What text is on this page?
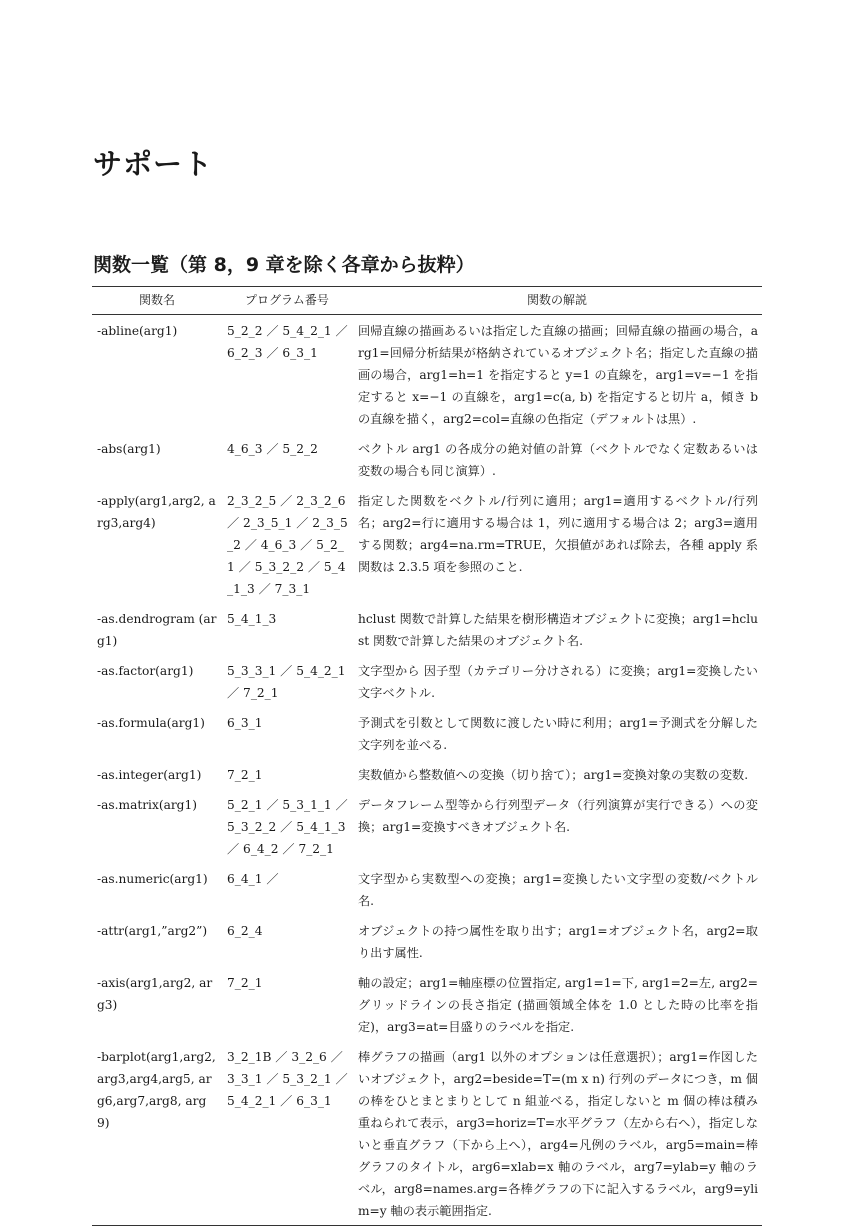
サポート
関数一覧（第 8，9 章を除く各章から抜粋）
関数名	プログラム番号	関数の解説
-abline(arg1)	5_2_2 ／ 5_4_2_1 ／ 6_2_3 ／ 6_3_1	回帰直線の描画あるいは指定した直線の描画；回帰直線の描画の場合，arg1=回帰分析結果が格納されているオブジェクト名；指定した直線の描画の場合，arg1=h=1 を指定すると y=1 の直線を，arg1=v=−1 を指定すると x=−1 の直線を，arg1=c(a, b) を指定すると切片 a，傾き b の直線を描く，arg2=col=直線の色指定（デフォルトは黒）.
-abs(arg1)	4_6_3 ／ 5_2_2	ベクトル arg1 の各成分の絶対値の計算（ベクトルでなく定数あるいは変数の場合も同じ演算）.
-apply(arg1,arg2, arg3,arg4)	2_3_2_5 ／ 2_3_2_6 ／ 2_3_5_1 ／ 2_3_5_2 ／ 4_6_3 ／ 5_2_1 ／ 5_3_2_2 ／ 5_4_1_3 ／ 7_3_1	指定した関数をベクトル/行列に適用；arg1=適用するベクトル/行列名；arg2=行に適用する場合は 1，列に適用する場合は 2；arg3=適用する関数；arg4=na.rm=TRUE，欠損値があれば除去，各種 apply 系関数は 2.3.5 項を参照のこと.
-as.dendrogram (arg1)	5_4_1_3	hclust 関数で計算した結果を樹形構造オブジェクトに変換；arg1=hclust 関数で計算した結果のオブジェクト名.
-as.factor(arg1)	5_3_3_1 ／ 5_4_2_1 ／ 7_2_1	文字型から 因子型（カテゴリー分けされる）に変換；arg1=変換したい文字ベクトル.
-as.formula(arg1)	6_3_1	予測式を引数として関数に渡したい時に利用；arg1=予測式を分解した文字列を並べる.
-as.integer(arg1)	7_2_1	実数値から整数値への変換（切り捨て）；arg1=変換対象の実数の変数.
-as.matrix(arg1)	5_2_1 ／ 5_3_1_1 ／ 5_3_2_2 ／ 5_4_1_3 ／ 6_4_2 ／ 7_2_1	データフレーム型等から行列型データ（行列演算が実行できる）への変換；arg1=変換すべきオブジェクト名.
-as.numeric(arg1)	6_4_1 ／	文字型から実数型への変換；arg1=変換したい文字型の変数/ベクトル名.
-attr(arg1,”arg2”)	6_2_4	オブジェクトの持つ属性を取り出す；arg1=オブジェクト名，arg2=取り出す属性.
-axis(arg1,arg2, arg3)	7_2_1	軸の設定；arg1=軸座標の位置指定, arg1=1=下, arg1=2=左, arg2=グリッドラインの長さ指定 (描画領域全体を 1.0 とした時の比率を指定)，arg3=at=目盛りのラベルを指定.
-barplot(arg1,arg2, arg3,arg4,arg5, arg6,arg7,arg8, arg9)	3_2_1B ／ 3_2_6 ／ 3_3_1 ／ 5_3_2_1 ／ 5_4_2_1 ／ 6_3_1	棒グラフの描画（arg1 以外のオプションは任意選択）；arg1=作図したいオブジェクト，arg2=beside=T=(m x n) 行列のデータにつき，m 個の棒をひとまとまりとして n 組並べる，指定しないと m 個の棒は積み重ねられて表示，arg3=horiz=T=水平グラフ（左から右へ），指定しないと垂直グラフ（下から上へ），arg4=凡例のラベル，arg5=main=棒グラフのタイトル，arg6=xlab=x 軸のラベル，arg7=ylab=y 軸のラベル，arg8=names.arg=各棒グラフの下に記入するラベル，arg9=ylim=y 軸の表示範囲指定.
